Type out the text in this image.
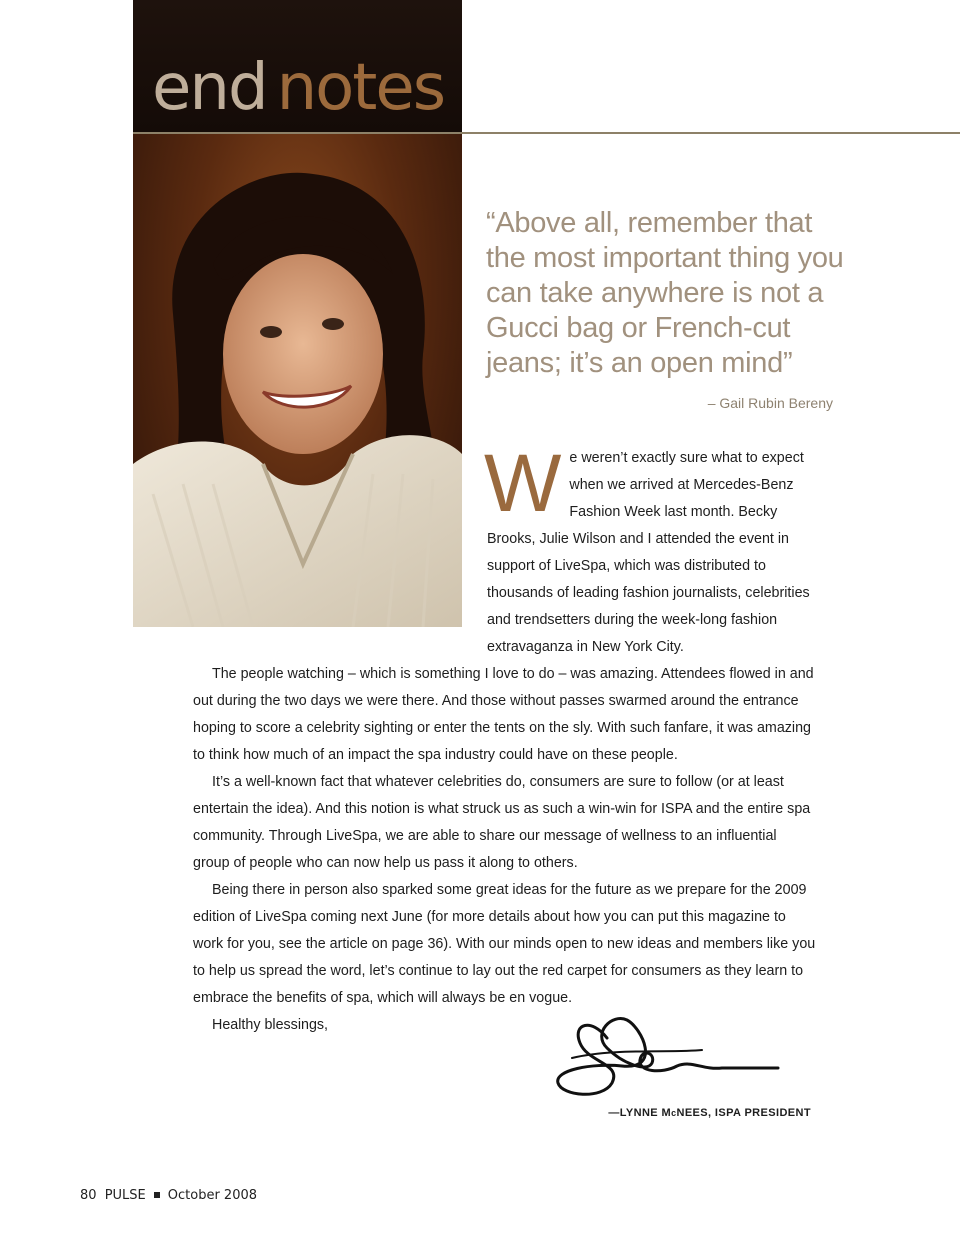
end notes
“Above all, remember that the most important thing you can take anywhere is not a Gucci bag or French-cut jeans; it’s an open mind”
– Gail Rubin Bereny

We weren’t exactly sure what to expect when we arrived at Mercedes-Benz Fashion Week last month. Becky Brooks, Julie Wilson and I attended the event in support of LiveSpa, which was distributed to thousands of leading fashion journalists, celebrities and trendsetters during the week-long fashion extravaganza in New York City.

The people watching – which is something I love to do – was amazing. Attendees flowed in and out during the two days we were there. And those without passes swarmed around the entrance hoping to score a celebrity sighting or enter the tents on the sly. With such fanfare, it was amazing to think how much of an impact the spa industry could have on these people.

It’s a well-known fact that whatever celebrities do, consumers are sure to follow (or at least entertain the idea). And this notion is what struck us as such a win-win for ISPA and the entire spa community. Through LiveSpa, we are able to share our message of wellness to an influential group of people who can now help us pass it along to others.

Being there in person also sparked some great ideas for the future as we prepare for the 2009 edition of LiveSpa coming next June (for more details about how you can put this magazine to work for you, see the article on page 36). With our minds open to new ideas and members like you to help us spread the word, let’s continue to lay out the red carpet for consumers as they learn to embrace the benefits of spa, which will always be en vogue.

Healthy blessings,

—LYNNE McNEES, ISPA PRESIDENT
80 PULSE October 2008
